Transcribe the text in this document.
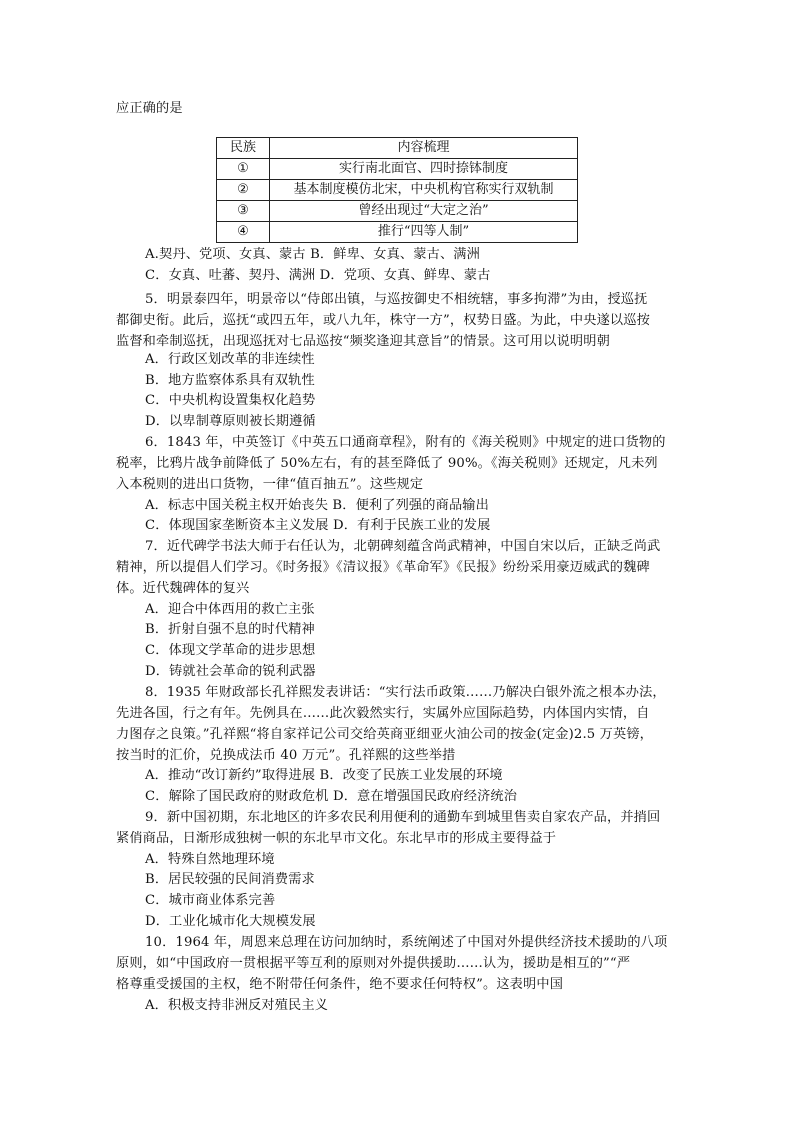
应正确的是
民族	内容梳理
①	实行南北面官、四时捺钵制度
②	基本制度模仿北宋，中央机构官称实行双轨制
③	曾经出现过“大定之治”
④	推行“四等人制”
A.契丹、党项、女真、蒙古 B．鲜卑、女真、蒙古、满洲
C．女真、吐蕃、契丹、满洲 D．党项、女真、鲜卑、蒙古
5．明景泰四年，明景帝以“侍郎出镇，与巡按御史不相统辖，事多拘滞”为由，授巡抚
都御史衔。此后，巡抚“或四五年，或八九年，株守一方”，权势日盛。为此，中央遂以巡按
监督和牵制巡抚，出现巡抚对七品巡按“频奖逢迎其意旨”的情景。这可用以说明明朝
A．行政区划改革的非连续性
B．地方监察体系具有双轨性
C．中央机构设置集权化趋势
D．以卑制尊原则被长期遵循
6．1843 年，中英签订《中英五口通商章程》，附有的《海关税则》中规定的进口货物的
税率，比鸦片战争前降低了 50%左右，有的甚至降低了 90%。《海关税则》还规定，凡未列
入本税则的进出口货物，一律“值百抽五”。这些规定
A．标志中国关税主权开始丧失 B．便利了列强的商品输出
C．体现国家垄断资本主义发展 D．有利于民族工业的发展
7．近代碑学书法大师于右任认为，北朝碑刻蕴含尚武精神，中国自宋以后，正缺乏尚武
精神，所以提倡人们学习。《时务报》《清议报》《革命军》《民报》纷纷采用豪迈威武的魏碑
体。近代魏碑体的复兴
A．迎合中体西用的救亡主张
B．折射自强不息的时代精神
C．体现文学革命的进步思想
D．铸就社会革命的锐利武器
8．1935 年财政部长孔祥熙发表讲话：“实行法币政策……乃解决白银外流之根本办法，
先进各国，行之有年。先例具在……此次毅然实行，实属外应国际趋势，内体国内实情，自
力图存之良策。”孔祥熙“将自家祥记公司交给英商亚细亚火油公司的按金(定金)2.5 万英镑，
按当时的汇价，兑换成法币 40 万元”。孔祥熙的这些举措
A．推动“改订新约”取得进展 B．改变了民族工业发展的环境
C．解除了国民政府的财政危机 D．意在增强国民政府经济统治
9．新中国初期，东北地区的许多农民利用便利的通勤车到城里售卖自家农产品，并捎回
紧俏商品，日渐形成独树一帜的东北早市文化。东北早市的形成主要得益于
A．特殊自然地理环境
B．居民较强的民间消费需求
C．城市商业体系完善
D．工业化城市化大规模发展
10．1964 年，周恩来总理在访问加纳时，系统阐述了中国对外提供经济技术援助的八项
原则，如“中国政府一贯根据平等互利的原则对外提供援助……认为，援助是相互的”“严
格尊重受援国的主权，绝不附带任何条件，绝不要求任何特权”。这表明中国
A．积极支持非洲反对殖民主义
